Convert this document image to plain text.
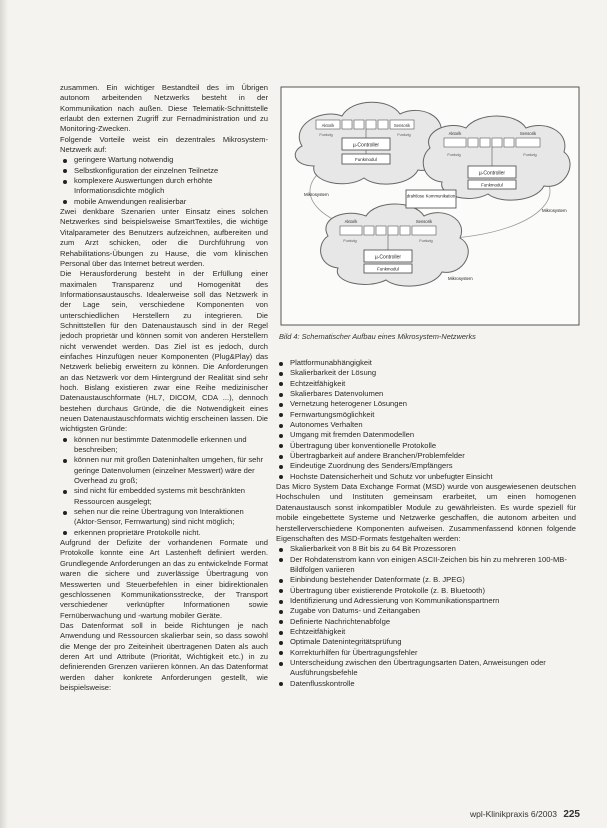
zusammen. Ein wichtiger Bestandteil des im Übrigen autonom arbeitenden Netzwerks besteht in der Kommunikation nach außen. Diese Telematik-Schnittstelle erlaubt den externen Zugriff zur Fernadministration und zu Monitoring-Zwecken.

Folgende Vorteile weist ein dezentrales Mikrosystem-Netzwerk auf:

geringere Wartung notwendig
Selbstkonfiguration der einzelnen Teilnetze
komplexere Auswertungen durch erhöhte Informationsdichte möglich
mobile Anwendungen realisierbar

Zwei denkbare Szenarien unter Einsatz eines solchen Netzwerkes sind beispielsweise SmartTextiles, die wichtige Vitalparameter des Benutzers aufzeichnen, aufbereiten und zum Arzt schicken, oder die Durchführung von Rehabilitations-Übungen zu Hause, die vom klinischen Personal über das Internet betreut werden.

Die Herausforderung besteht in der Erfüllung einer maximalen Transparenz und Homogenität des Informationsaustauschs. Idealerweise soll das Netzwerk in der Lage sein, verschiedene Komponenten von unterschiedlichen Herstellern zu integrieren. Die Schnittstellen für den Datenaustausch sind in der Regel jedoch proprietär und können somit von anderen Herstellern nicht verwendet werden. Das Ziel ist es jedoch, durch einfaches Hinzufügen neuer Komponenten (Plug&Play) das Netzwerk beliebig erweitern zu können. Die Anforderungen an das Netzwerk vor dem Hintergrund der Realität sind sehr hoch. Bislang existieren zwar eine Reihe medizinischer Datenaustauschformate (HL7, DICOM, CDA ...), dennoch bestehen durchaus Gründe, die die Notwendigkeit eines neuen Datenaustauschformats wichtig erscheinen lassen. Die wichtigsten Gründe:

können nur bestimmte Datenmodelle erkennen und beschreiben;
können nur mit großen Dateninhalten umgehen, für sehr geringe Datenvolumen (einzelner Messwert) wäre der Overhead zu groß;
sind nicht für embedded systems mit beschränkten Ressourcen ausgelegt;
sehen nur die reine Übertragung von Interaktionen (Aktor-Sensor, Fernwartung) sind nicht möglich;
erkennen proprietäre Protokolle nicht.

Aufgrund der Defizite der vorhandenen Formate und Protokolle konnte eine Art Lastenheft definiert werden. Grundlegende Anforderungen an das zu entwickelnde Format waren die sichere und zuverlässige Übertragung von Messwerten und Steuerbefehlen in einer bidirektionalen geschlossenen Kommunikationsstrecke, der Transport verschiedener verknüpfter Informationen sowie Fernüberwachung und -wartung mobiler Geräte.

Das Datenformat soll in beide Richtungen je nach Anwendung und Ressourcen skalierbar sein, so dass sowohl die Menge der pro Zeiteinheit übertragenen Daten als auch deren Art und Attribute (Priorität, Wichtigkeit etc.) in zu definierenden Grenzen variieren können. An das Datenformat werden daher konkrete Anforderungen gestellt, wie beispielsweise:

Aktorik	Sensorik
Funkvlg	Funkvlg
µ-Controller
Funkmodul
Aktorik	Sensorik
Funkvlg	Funkvlg
µ-Controller
Funkmodul
Aktorik	Sensorik
Funkvlg	Funkvlg
µ-Controller
Funkmodul
drahtlose Kommunikation
Mikrosystem
Mikrosystem
Mikrosystem
Bild 4: Schematischer Aufbau eines Mikrosystem-Netzwerks
Plattformunabhängigkeit
Skalierbarkeit der Lösung
Echtzeitfähigkeit
Skalierbares Datenvolumen
Vernetzung heterogener Lösungen
Fernwartungsmöglichkeit
Autonomes Verhalten
Umgang mit fremden Datenmodellen
Übertragung über konventionelle Protokolle
Übertragbarkeit auf andere Branchen/Problemfelder
Eindeutige Zuordnung des Senders/Empfängers
Hochste Datensicherheit und Schutz vor unbefugter Einsicht

Das Micro System Data Exchange Format (MSD) wurde von ausgewiesenen deutschen Hochschulen und Instituten gemeinsam erarbeitet, um einen homogenen Datenaustausch sonst inkompatibler Module zu gewährleisten. Es wurde speziell für mobile eingebettete Systeme und Netzwerke geschaffen, die autonom arbeiten und herstellerverschiedene Komponenten aufweisen. Zusammenfassend können folgende Eigenschaften des MSD-Formats festgehalten werden:

Skalierbarkeit von 8 Bit bis zu 64 Bit Prozessoren
Der Rohdatenstrom kann von einigen ASCII-Zeichen bis hin zu mehreren 100-MB-Bildfolgen variieren
Einbindung bestehender Datenformate (z. B. JPEG)
Übertragung über existierende Protokolle (z. B. Bluetooth)
Identifizierung und Adressierung von Kommunikationspartnern
Zugabe von Datums- und Zeitangaben
Definierte Nachrichtenabfolge
Echtzeitfähigkeit
Optimale Datenintegritätsprüfung
Korrekturhilfen für Übertragungsfehler
Unterscheidung zwischen den Übertragungsarten Daten, Anweisungen oder Ausführungsbefehle
Datenflusskontrolle
wpl-Klinikpraxis 6/2003 225
